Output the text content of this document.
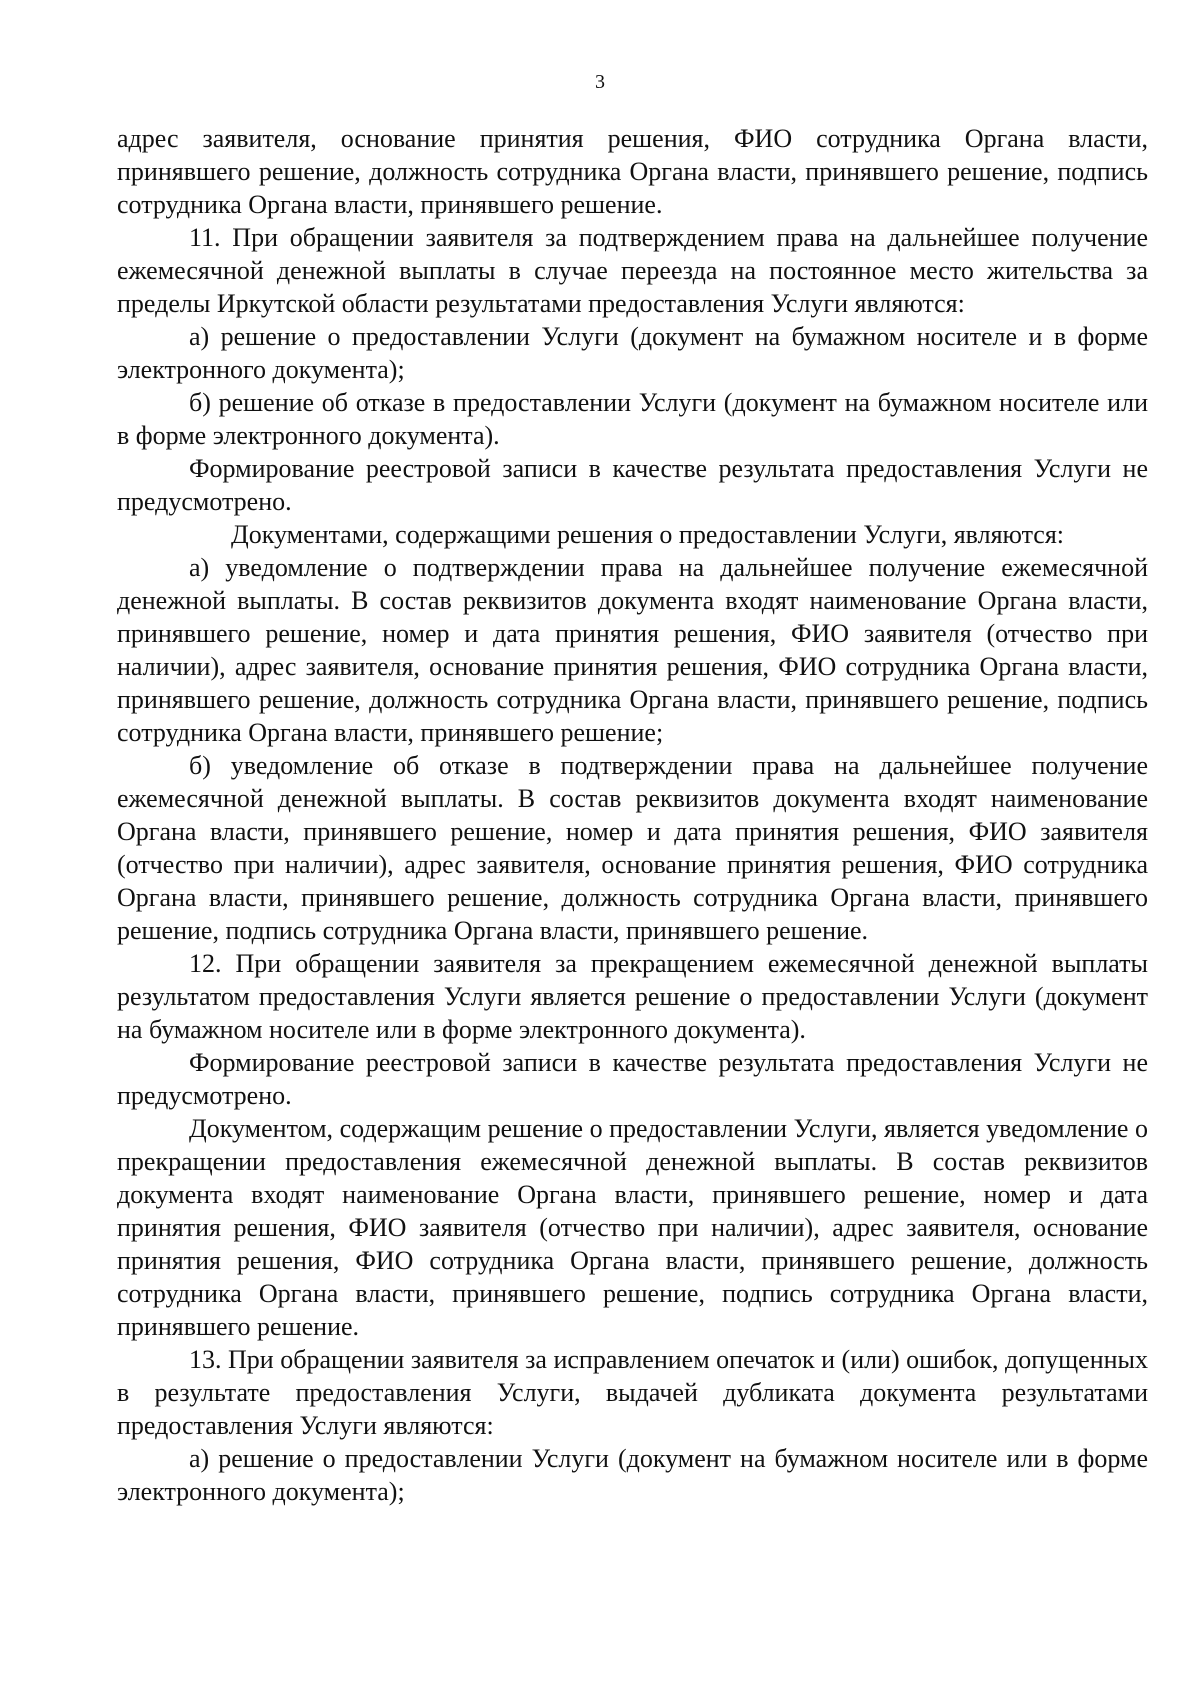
3

адрес заявителя, основание принятия решения, ФИО сотрудника Органа власти, принявшего решение, должность сотрудника Органа власти, принявшего решение, подпись сотрудника Органа власти, принявшего решение.

11. При обращении заявителя за подтверждением права на дальнейшее получение ежемесячной денежной выплаты в случае переезда на постоянное место жительства за пределы Иркутской области результатами предоставления Услуги являются:

а) решение о предоставлении Услуги (документ на бумажном носителе и в форме электронного документа);

б) решение об отказе в предоставлении Услуги (документ на бумажном носителе или в форме электронного документа).

Формирование реестровой записи в качестве результата предоставления Услуги не предусмотрено.

Документами, содержащими решения о предоставлении Услуги, являются:

а) уведомление о подтверждении права на дальнейшее получение ежемесячной денежной выплаты. В состав реквизитов документа входят наименование Органа власти, принявшего решение, номер и дата принятия решения, ФИО заявителя (отчество при наличии), адрес заявителя, основание принятия решения, ФИО сотрудника Органа власти, принявшего решение, должность сотрудника Органа власти, принявшего решение, подпись сотрудника Органа власти, принявшего решение;

б) уведомление об отказе в подтверждении права на дальнейшее получение ежемесячной денежной выплаты. В состав реквизитов документа входят наименование Органа власти, принявшего решение, номер и дата принятия решения, ФИО заявителя (отчество при наличии), адрес заявителя, основание принятия решения, ФИО сотрудника Органа власти, принявшего решение, должность сотрудника Органа власти, принявшего решение, подпись сотрудника Органа власти, принявшего решение.

12. При обращении заявителя за прекращением ежемесячной денежной выплаты результатом предоставления Услуги является решение о предоставлении Услуги (документ на бумажном носителе или в форме электронного документа).

Формирование реестровой записи в качестве результата предоставления Услуги не предусмотрено.

Документом, содержащим решение о предоставлении Услуги, является уведомление о прекращении предоставления ежемесячной денежной выплаты. В состав реквизитов документа входят наименование Органа власти, принявшего решение, номер и дата принятия решения, ФИО заявителя (отчество при наличии), адрес заявителя, основание принятия решения, ФИО сотрудника Органа власти, принявшего решение, должность сотрудника Органа власти, принявшего решение, подпись сотрудника Органа власти, принявшего решение.

13. При обращении заявителя за исправлением опечаток и (или) ошибок, допущенных в результате предоставления Услуги, выдачей дубликата документа результатами предоставления Услуги являются:

а) решение о предоставлении Услуги (документ на бумажном носителе или в форме электронного документа);
